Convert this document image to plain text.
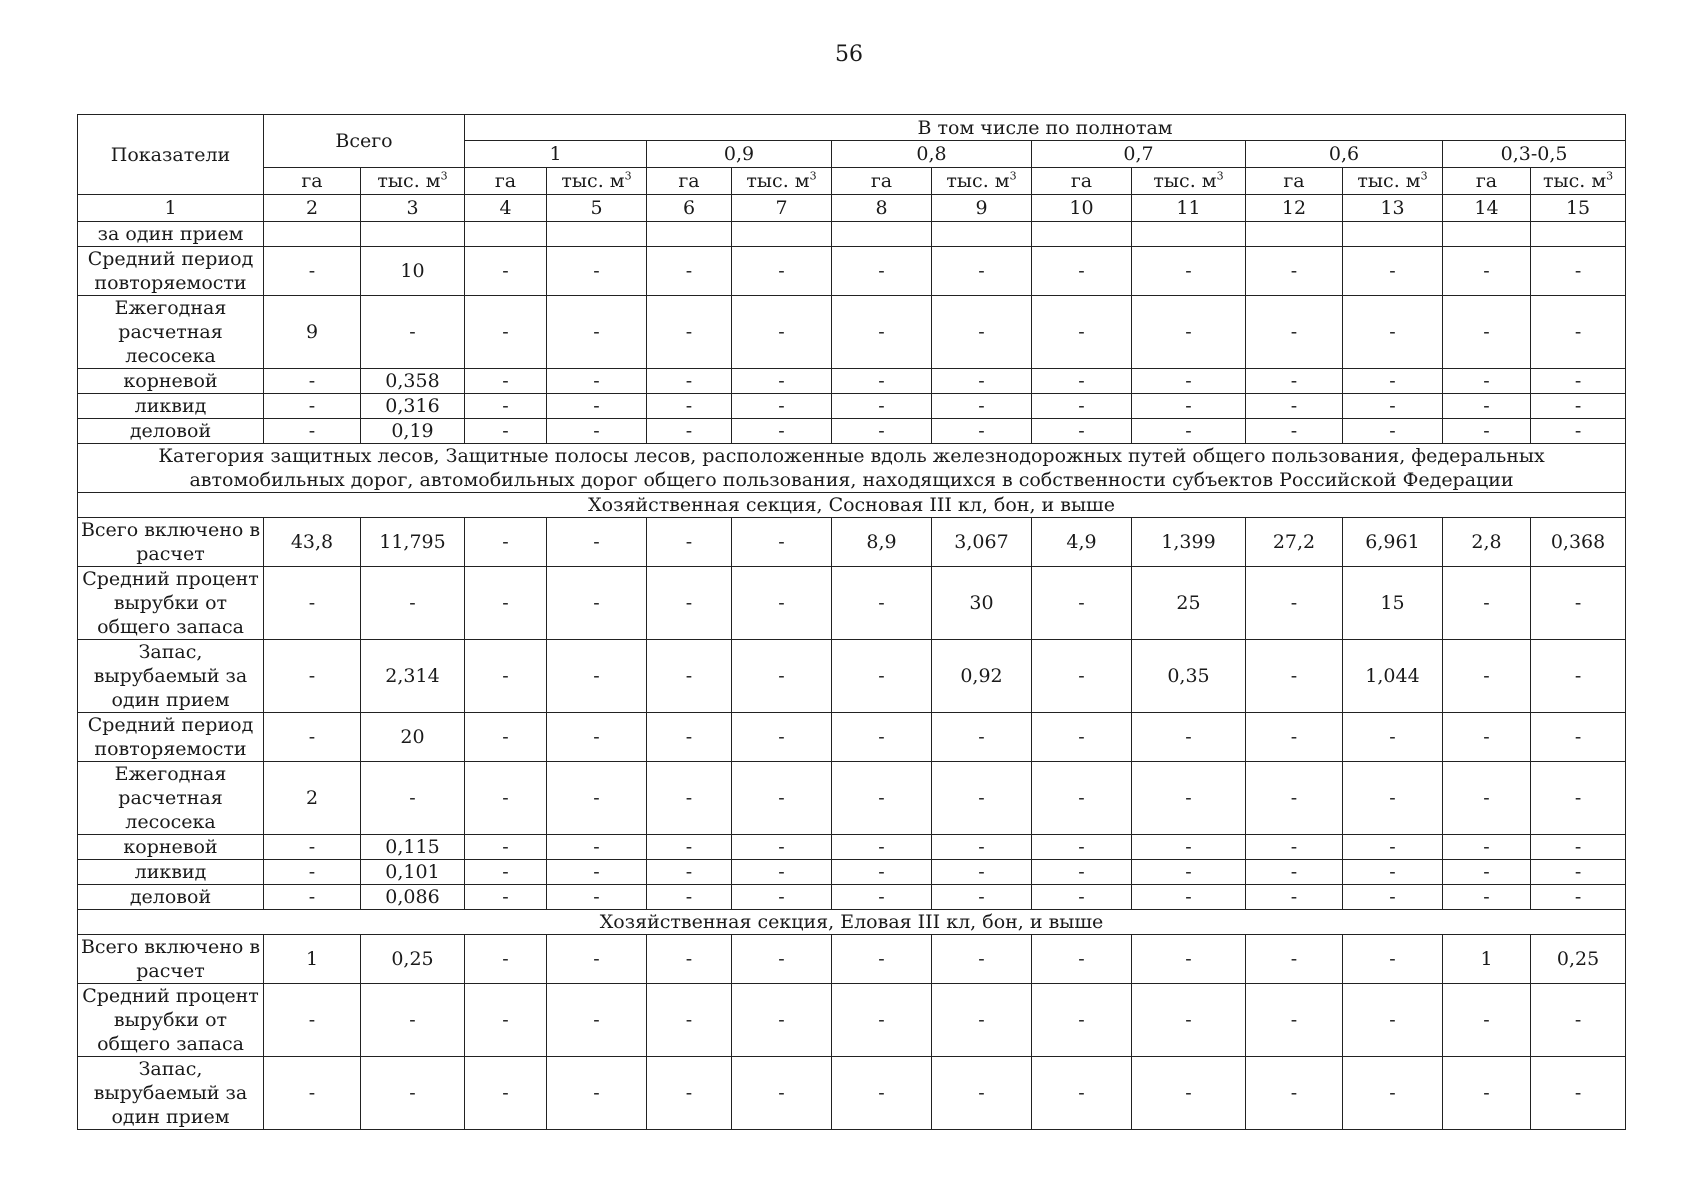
56
Показатели	Всего		В том числе по полнотам											
			1		0,9		0,8		0,7		0,6		0,3-0,5	
	га	тыс. $м^3$	га	тыс. $м^3$	га	тыс. $м^3$	га	тыс. $м^3$	га	тыс. $м^3$	га	тыс. $м^3$	га	тыс. $м^3$
1	2	3	4	5	6	7	8	9	10	11	12	13	14	15
за один прием														
Средний период повторяемости	-	10	-	-	-	-	-	-	-	-	-	-	-	-
Ежегодная расчетная лесосека	9	-	-	-	-	-	-	-	-	-	-	-	-	-
корневой	-	0,358	-	-	-	-	-	-	-	-	-	-	-	-
ликвид	-	0,316	-	-	-	-	-	-	-	-	-	-	-	-
деловой	-	0,19	-	-	-	-	-	-	-	-	-	-	-	-
Категория защитных лесов, Защитные полосы лесов, расположенные вдоль железнодорожных путей общего пользования, федеральных автомобильных дорог, автомобильных дорог общего пользования, находящихся в собственности субъектов Российской Федерации														
Хозяйственная секция, Сосновая III кл, бон, и выше														
Всего включено в расчет	43,8	11,795	-	-	-	-	8,9	3,067	4,9	1,399	27,2	6,961	2,8	0,368
Средний процент вырубки от общего запаса	-	-	-	-	-	-	-	30	-	25	-	15	-	-
Запас, вырубаемый за один прием	-	2,314	-	-	-	-	-	0,92	-	0,35	-	1,044	-	-
Средний период повторяемости	-	20	-	-	-	-	-	-	-	-	-	-	-	-
Ежегодная расчетная лесосека	2	-	-	-	-	-	-	-	-	-	-	-	-	-
корневой	-	0,115	-	-	-	-	-	-	-	-	-	-	-	-
ликвид	-	0,101	-	-	-	-	-	-	-	-	-	-	-	-
деловой	-	0,086	-	-	-	-	-	-	-	-	-	-	-	-
Хозяйственная секция, Еловая III кл, бон, и выше														
Всего включено в расчет	1	0,25	-	-	-	-	-	-	-	-	-	-	1	0,25
Средний процент вырубки от общего запаса	-	-	-	-	-	-	-	-	-	-	-	-	-	-
Запас, вырубаемый за один прием	-	-	-	-	-	-	-	-	-	-	-	-	-	-
